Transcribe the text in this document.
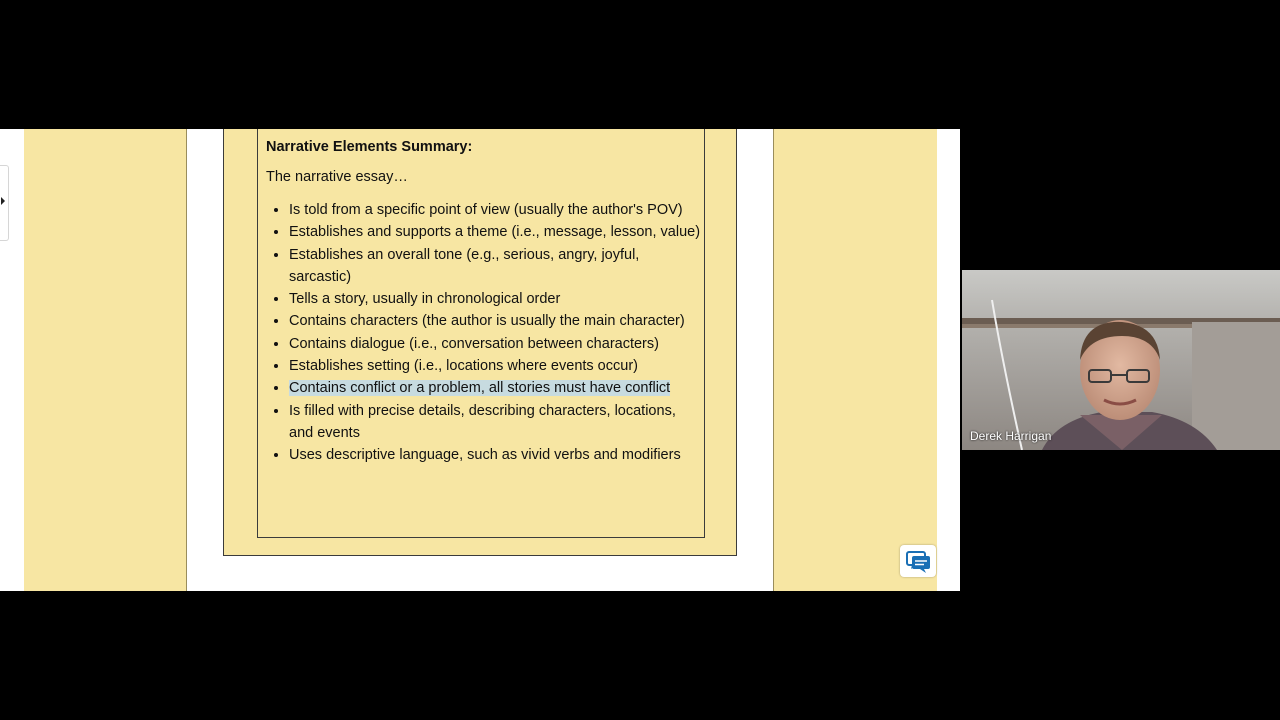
Narrative Elements Summary:
The narrative essay…
• Is told from a specific point of view (usually the author's POV)
• Establishes and supports a theme (i.e., message, lesson, value)
• Establishes an overall tone (e.g., serious, angry, joyful, sarcastic)
• Tells a story, usually in chronological order
• Contains characters (the author is usually the main character)
• Contains dialogue (i.e., conversation between characters)
• Establishes setting (i.e., locations where events occur)
• Contains conflict or a problem, all stories must have conflict
• Is filled with precise details, describing characters, locations, and events
• Uses descriptive language, such as vivid verbs and modifiers
Derek Harrigan
